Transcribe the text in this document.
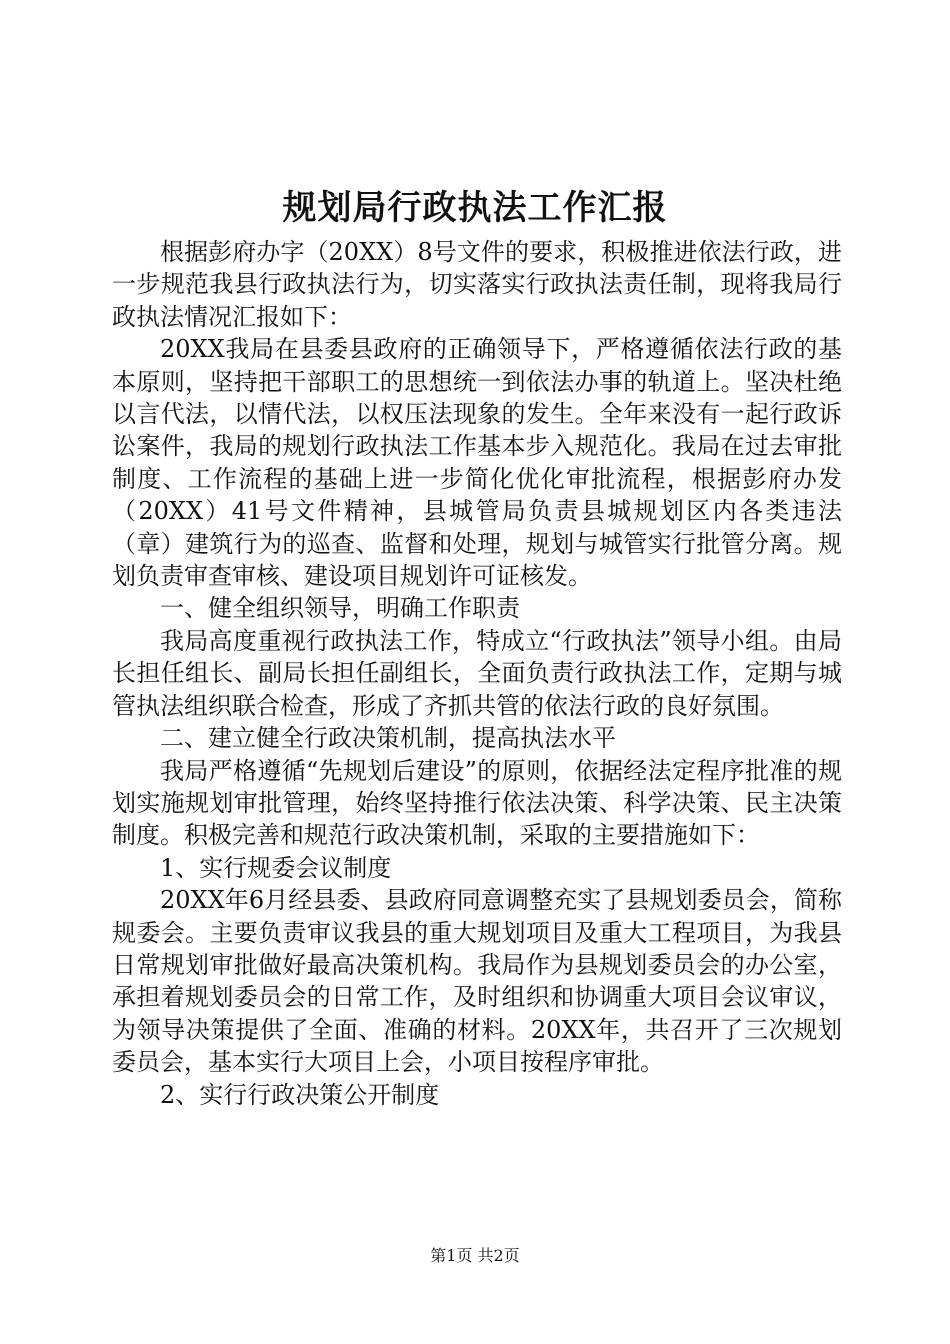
规划局行政执法工作汇报

根据彭府办字（20XX）8号文件的要求，积极推进依法行政，进一步规范我县行政执法行为，切实落实行政执法责任制，现将我局行政执法情况汇报如下：

20XX我局在县委县政府的正确领导下，严格遵循依法行政的基本原则，坚持把干部职工的思想统一到依法办事的轨道上。坚决杜绝以言代法，以情代法，以权压法现象的发生。全年来没有一起行政诉讼案件，我局的规划行政执法工作基本步入规范化。我局在过去审批制度、工作流程的基础上进一步简化优化审批流程，根据彭府办发（20XX）41号文件精神，县城管局负责县城规划区内各类违法（章）建筑行为的巡查、监督和处理，规划与城管实行批管分离。规划负责审查审核、建设项目规划许可证核发。

一、健全组织领导，明确工作职责

我局高度重视行政执法工作，特成立“行政执法”领导小组。由局长担任组长、副局长担任副组长，全面负责行政执法工作，定期与城管执法组织联合检查，形成了齐抓共管的依法行政的良好氛围。

二、建立健全行政决策机制，提高执法水平

我局严格遵循“先规划后建设”的原则，依据经法定程序批准的规划实施规划审批管理，始终坚持推行依法决策、科学决策、民主决策制度。积极完善和规范行政决策机制，采取的主要措施如下：

1、实行规委会议制度

20XX年6月经县委、县政府同意调整充实了县规划委员会，简称规委会。主要负责审议我县的重大规划项目及重大工程项目，为我县日常规划审批做好最高决策机构。我局作为县规划委员会的办公室，承担着规划委员会的日常工作，及时组织和协调重大项目会议审议，为领导决策提供了全面、准确的材料。20XX年，共召开了三次规划委员会，基本实行大项目上会，小项目按程序审批。

2、实行行政决策公开制度

第1页 共2页
